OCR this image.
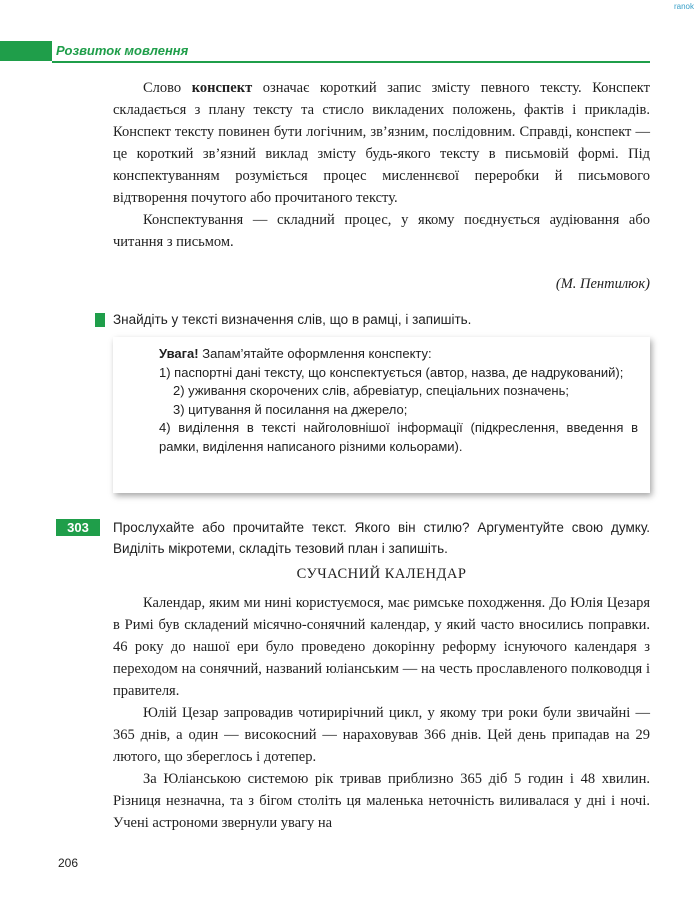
ranok
Розвиток мовлення

Слово конспект означає короткий запис змісту певного тексту. Конспект складається з плану тексту та стисло викладених положень, фактів і прикладів. Конспект тексту повинен бути логічним, зв’язним, послідовним. Справді, конспект — це короткий зв’язний виклад змісту будь-якого тексту в письмовій формі. Під конспектуванням розуміється процес мисленнєвої переробки й письмового відтворення почутого або прочитаного тексту.

Конспектування — складний процес, у якому поєднується аудіювання або читання з письмом.

(М. Пентилюк)
Знайдіть у тексті визначення слів, що в рамці, і запишіть.
Увага! Запам’ятайте оформлення конспекту:
1) паспортні дані тексту, що конспектується (автор, назва, де надрукований);
2) уживання скорочених слів, абревіатур, спеціальних позначень;
3) цитування й посилання на джерело;
4) виділення в тексті найголовнішої інформації (підкреслення, введення в рамки, виділення написаного різними кольорами).
303	Прослухайте або прочитайте текст. Якого він стилю? Аргументуйте свою думку. Виділіть мікротеми, складіть тезовий план і запишіть.
СУЧАСНИЙ КАЛЕНДАР

Календар, яким ми нині користуємося, має римське походження. До Юлія Цезаря в Римі був складений місячно-сонячний календар, у який часто вносились поправки. 46 року до нашої ери було проведено докорінну реформу існуючого календаря з переходом на сонячний, названий юліанським — на честь прославленого полководця і правителя.

Юлій Цезар запровадив чотирирічний цикл, у якому три роки були звичайні — 365 днів, а один — високосний — нараховував 366 днів. Цей день припадав на 29 лютого, що збереглось і дотепер.

За Юліанською системою рік тривав приблизно 365 діб 5 годин і 48 хвилин. Різниця незначна, та з бігом століть ця маленька неточність виливалася у дні і ночі. Учені астрономи звернули увагу на

206
